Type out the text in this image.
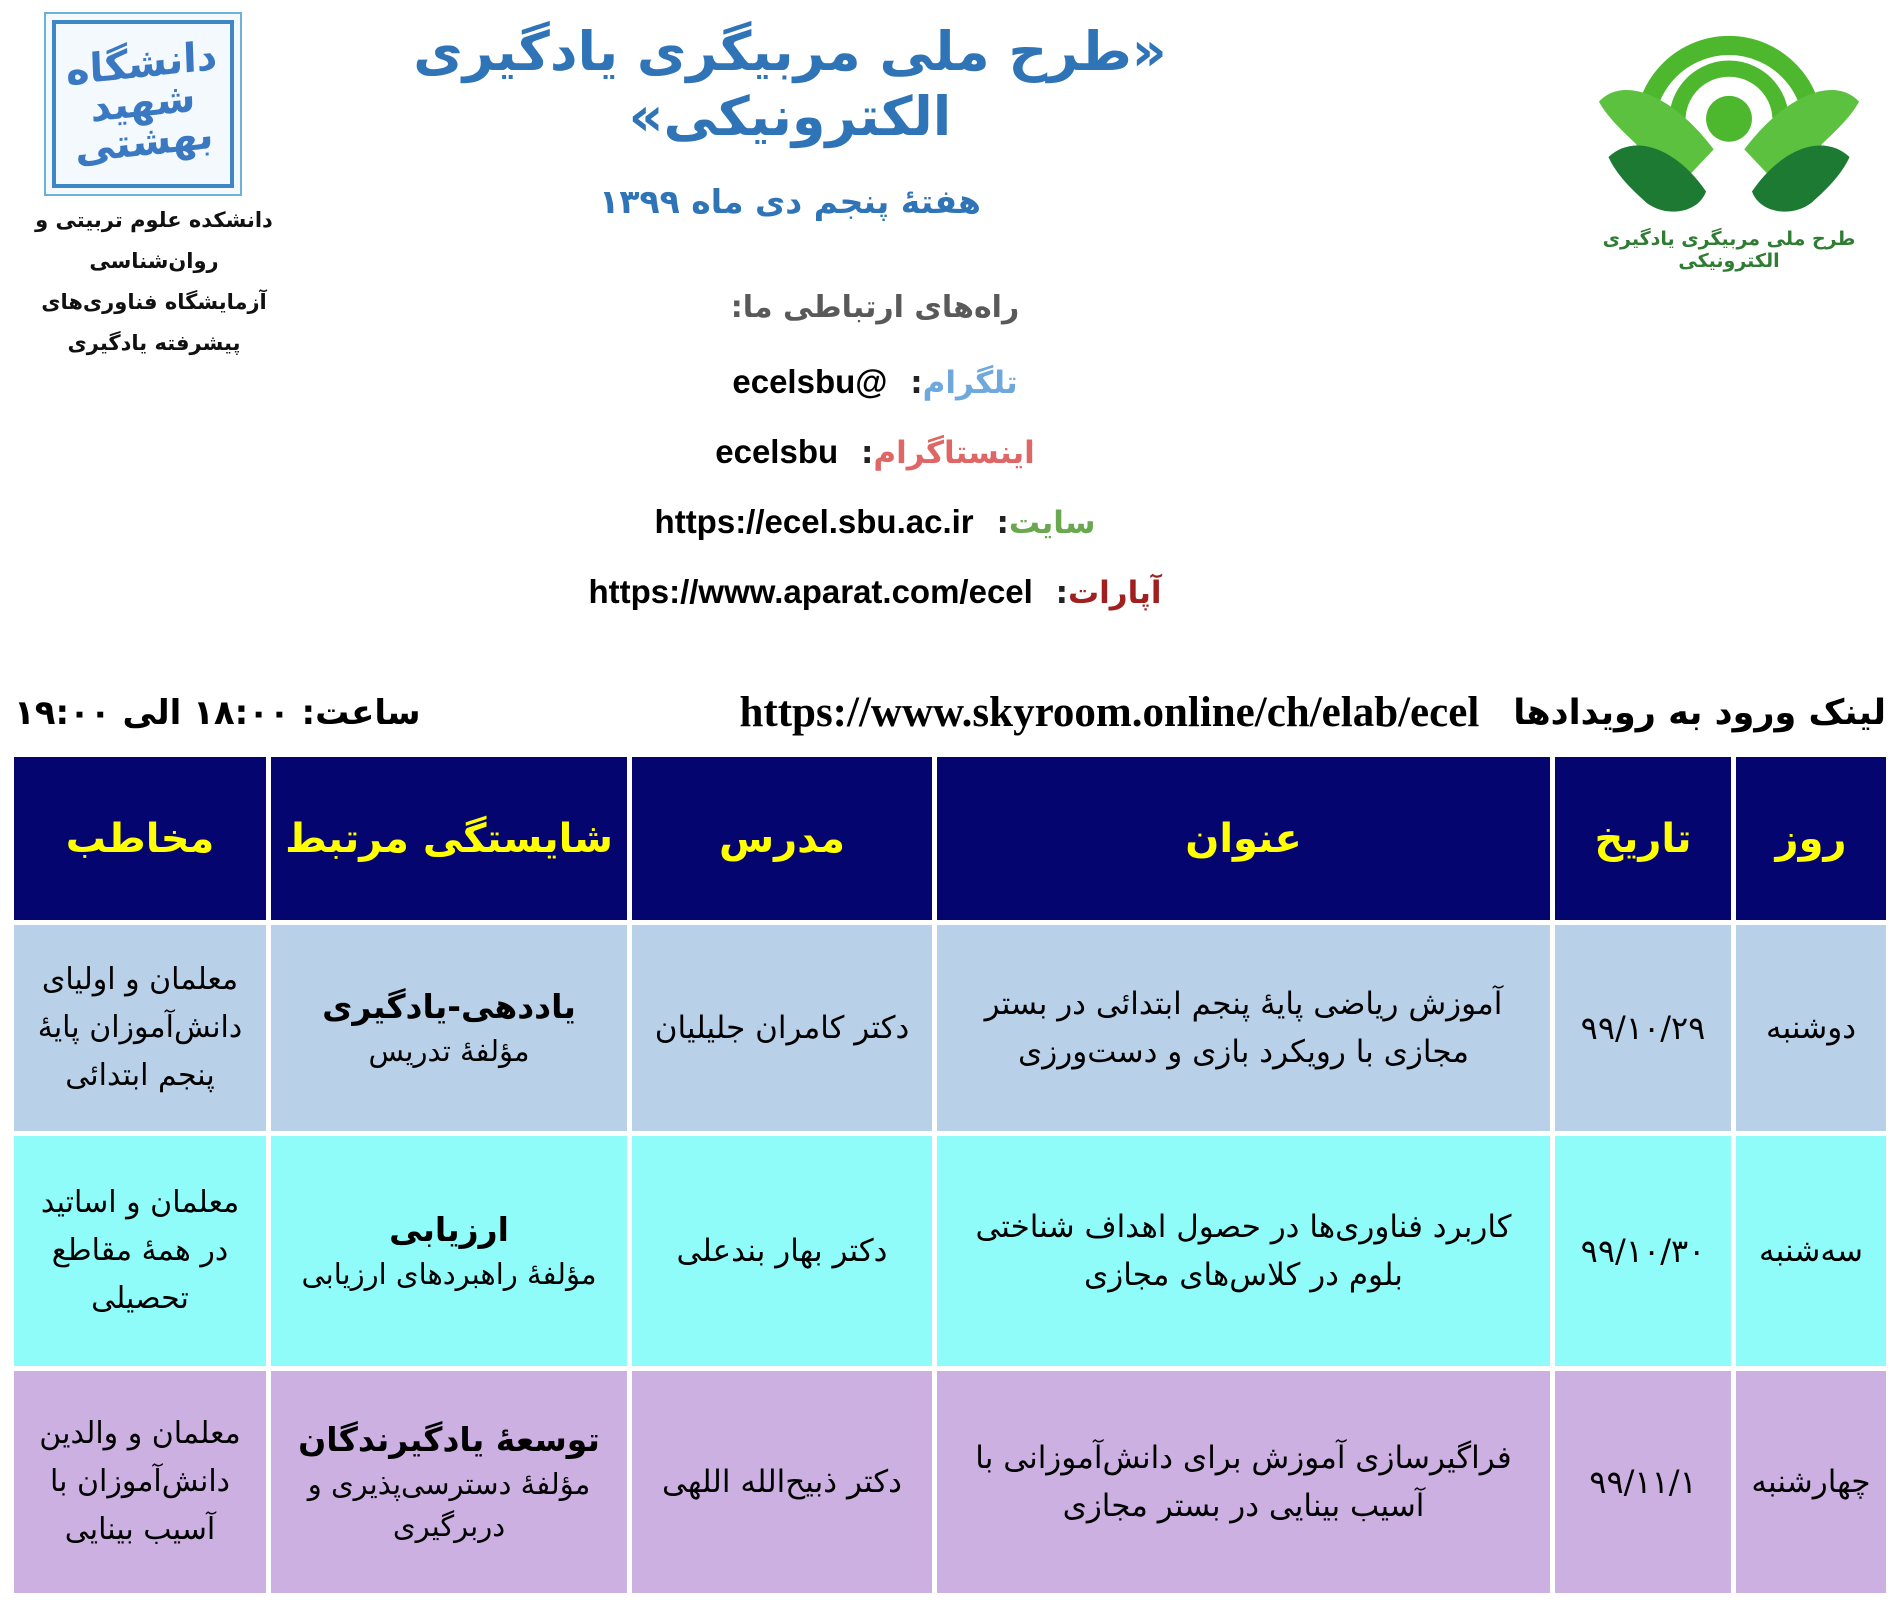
دانشگاه شهید بهشتی
دانشکده علوم تربیتی و روان‌شناسی
آزمایشگاه فناوری‌های پیشرفته یادگیری
«طرح ملی مربیگری یادگیری الکترونیکی»
هفتۀ پنجم دی ماه ۱۳۹۹
طرح ملی مربیگری یادگیری الکترونیکی
راه‌های ارتباطی ما:
تلگرام: @ecelsbu
اینستاگرام: ecelsbu
سایت: https://ecel.sbu.ac.ir
آپارات: https://www.aparat.com/ecel
لینک ورود به رویدادها
https://www.skyroom.online/ch/elab/ecel
ساعت: ۱۸:۰۰ الی ۱۹:۰۰
روز
تاریخ
عنوان
مدرس
شایستگی مرتبط
مخاطب
دوشنبه
۹۹/۱۰/۲۹
آموزش ریاضی پایۀ پنجم ابتدائی در بستر مجازی با رویکرد بازی و دست‌ورزی
دکتر کامران جلیلیان
یاددهی-یادگیری
مؤلفۀ تدریس
معلمان و اولیای دانش‌آموزان پایۀ پنجم ابتدائی
سه‌شنبه
۹۹/۱۰/۳۰
کاربرد فناوری‌ها در حصول اهداف شناختی بلوم در کلاس‌های مجازی
دکتر بهار بندعلی
ارزیابی
مؤلفۀ راهبردهای ارزیابی
معلمان و اساتید در همۀ مقاطع تحصیلی
چهارشنبه
۹۹/۱۱/۱
فراگیرسازی آموزش برای دانش‌آموزانی با آسیب بینایی در بستر مجازی
دکتر ذبیح‌الله اللهی
توسعۀ یادگیرندگان
مؤلفۀ دسترسی‌پذیری و دربرگیری
معلمان و والدین دانش‌آموزان با آسیب بینایی
